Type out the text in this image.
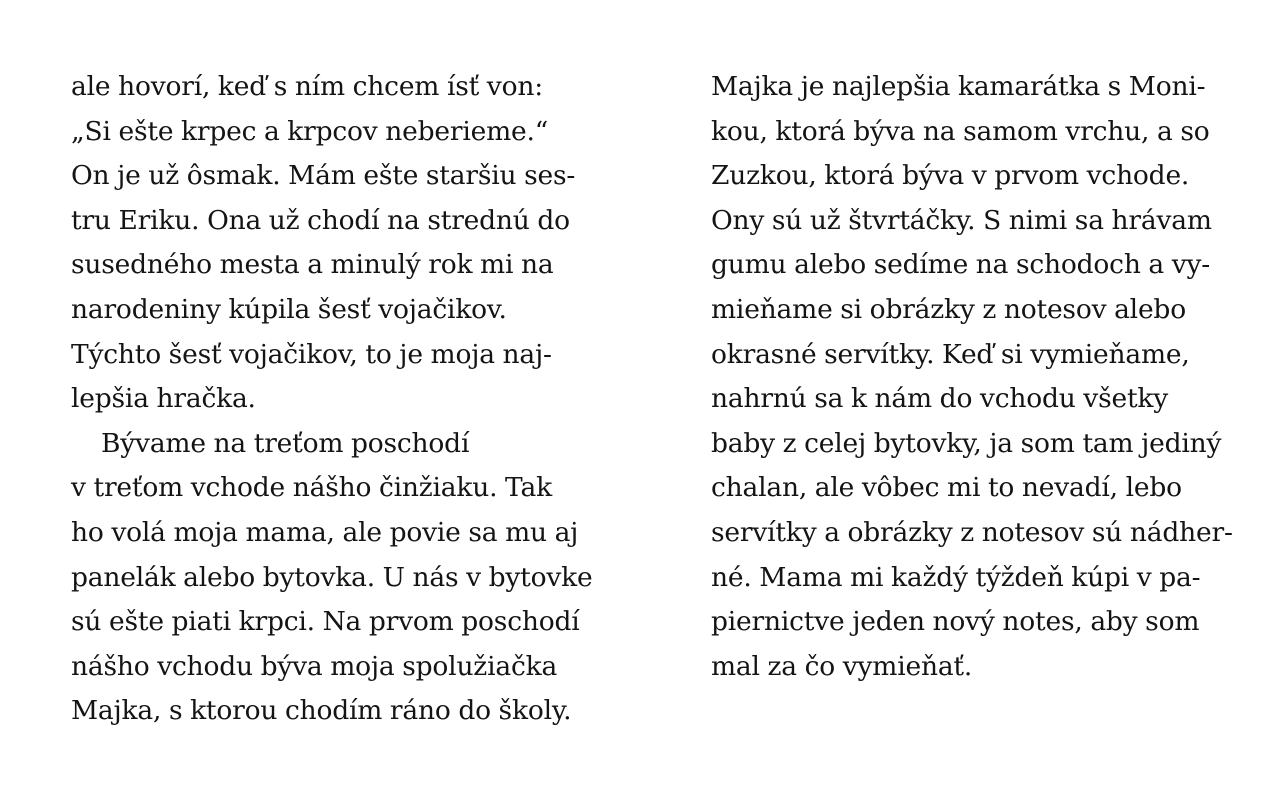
ale hovorí, keď s ním chcem ísť von:
„Si ešte krpec a krpcov neberieme.“
On je už ôsmak. Mám ešte staršiu ses-
tru Eriku. Ona už chodí na strednú do
susedného mesta a minulý rok mi na
narodeniny kúpila šesť vojačikov.
Týchto šesť vojačikov, to je moja naj-
lepšia hračka.
Bývame na treťom poschodí
v treťom vchode nášho činžiaku. Tak
ho volá moja mama, ale povie sa mu aj
panelák alebo bytovka. U nás v bytovke
sú ešte piati krpci. Na prvom poschodí
nášho vchodu býva moja spolužiačka
Majka, s ktorou chodím ráno do školy.
Majka je najlepšia kamarátka s Moni-
kou, ktorá býva na samom vrchu, a so
Zuzkou, ktorá býva v prvom vchode.
Ony sú už štvrtáčky. S nimi sa hrávam
gumu alebo sedíme na schodoch a vy-
mieňame si obrázky z notesov alebo
okrasné servítky. Keď si vymieňame,
nahrnú sa k nám do vchodu všetky
baby z celej bytovky, ja som tam jediný
chalan, ale vôbec mi to nevadí, lebo
servítky a obrázky z notesov sú nádher-
né. Mama mi každý týždeň kúpi v pa-
piernictve jeden nový notes, aby som
mal za čo vymieňať.
